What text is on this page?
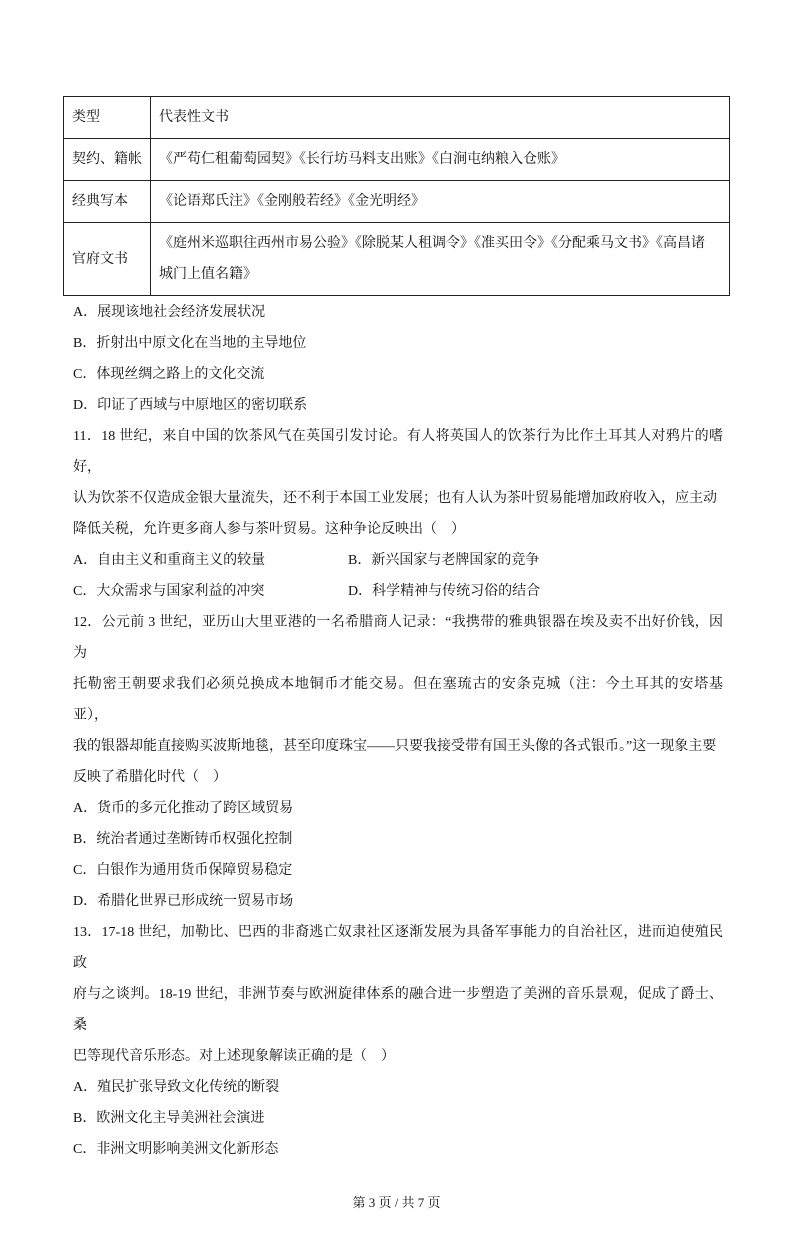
类型	代表性文书
契约、籍帐	《严苟仁租葡萄园契》《长行坊马料支出账》《白涧屯纳粮入仓账》
经典写本	《论语郑氏注》《金刚般若经》《金光明经》
官府文书	《庭州米巡职往西州市易公验》《除脱某人租调令》《准买田令》《分配乘马文书》《高昌诸
城门上值名籍》
A．展现该地社会经济发展状况
B．折射出中原文化在当地的主导地位
C．体现丝绸之路上的文化交流
D．印证了西域与中原地区的密切联系
11．18 世纪，来自中国的饮茶风气在英国引发讨论。有人将英国人的饮茶行为比作土耳其人对鸦片的嗜好，
认为饮茶不仅造成金银大量流失，还不利于本国工业发展；也有人认为茶叶贸易能增加政府收入，应主动
降低关税，允许更多商人参与茶叶贸易。这种争论反映出（　）
A．自由主义和重商主义的较量	B．新兴国家与老牌国家的竞争
C．大众需求与国家利益的冲突	D．科学精神与传统习俗的结合
12．公元前 3 世纪，亚历山大里亚港的一名希腊商人记录：“我携带的雅典银器在埃及卖不出好价钱，因为
托勒密王朝要求我们必须兑换成本地铜币才能交易。但在塞琉古的安条克城（注：今土耳其的安塔基亚），
我的银器却能直接购买波斯地毯，甚至印度珠宝——只要我接受带有国王头像的各式银币。”这一现象主要
反映了希腊化时代（　）
A．货币的多元化推动了跨区域贸易
B．统治者通过垄断铸币权强化控制
C．白银作为通用货币保障贸易稳定
D．希腊化世界已形成统一贸易市场
13．17-18 世纪，加勒比、巴西的非裔逃亡奴隶社区逐渐发展为具备军事能力的自治社区，进而迫使殖民政
府与之谈判。18-19 世纪，非洲节奏与欧洲旋律体系的融合进一步塑造了美洲的音乐景观，促成了爵士、桑
巴等现代音乐形态。对上述现象解读正确的是（　）
A．殖民扩张导致文化传统的断裂
B．欧洲文化主导美洲社会演进
C．非洲文明影响美洲文化新形态
第 3 页 / 共 7 页
